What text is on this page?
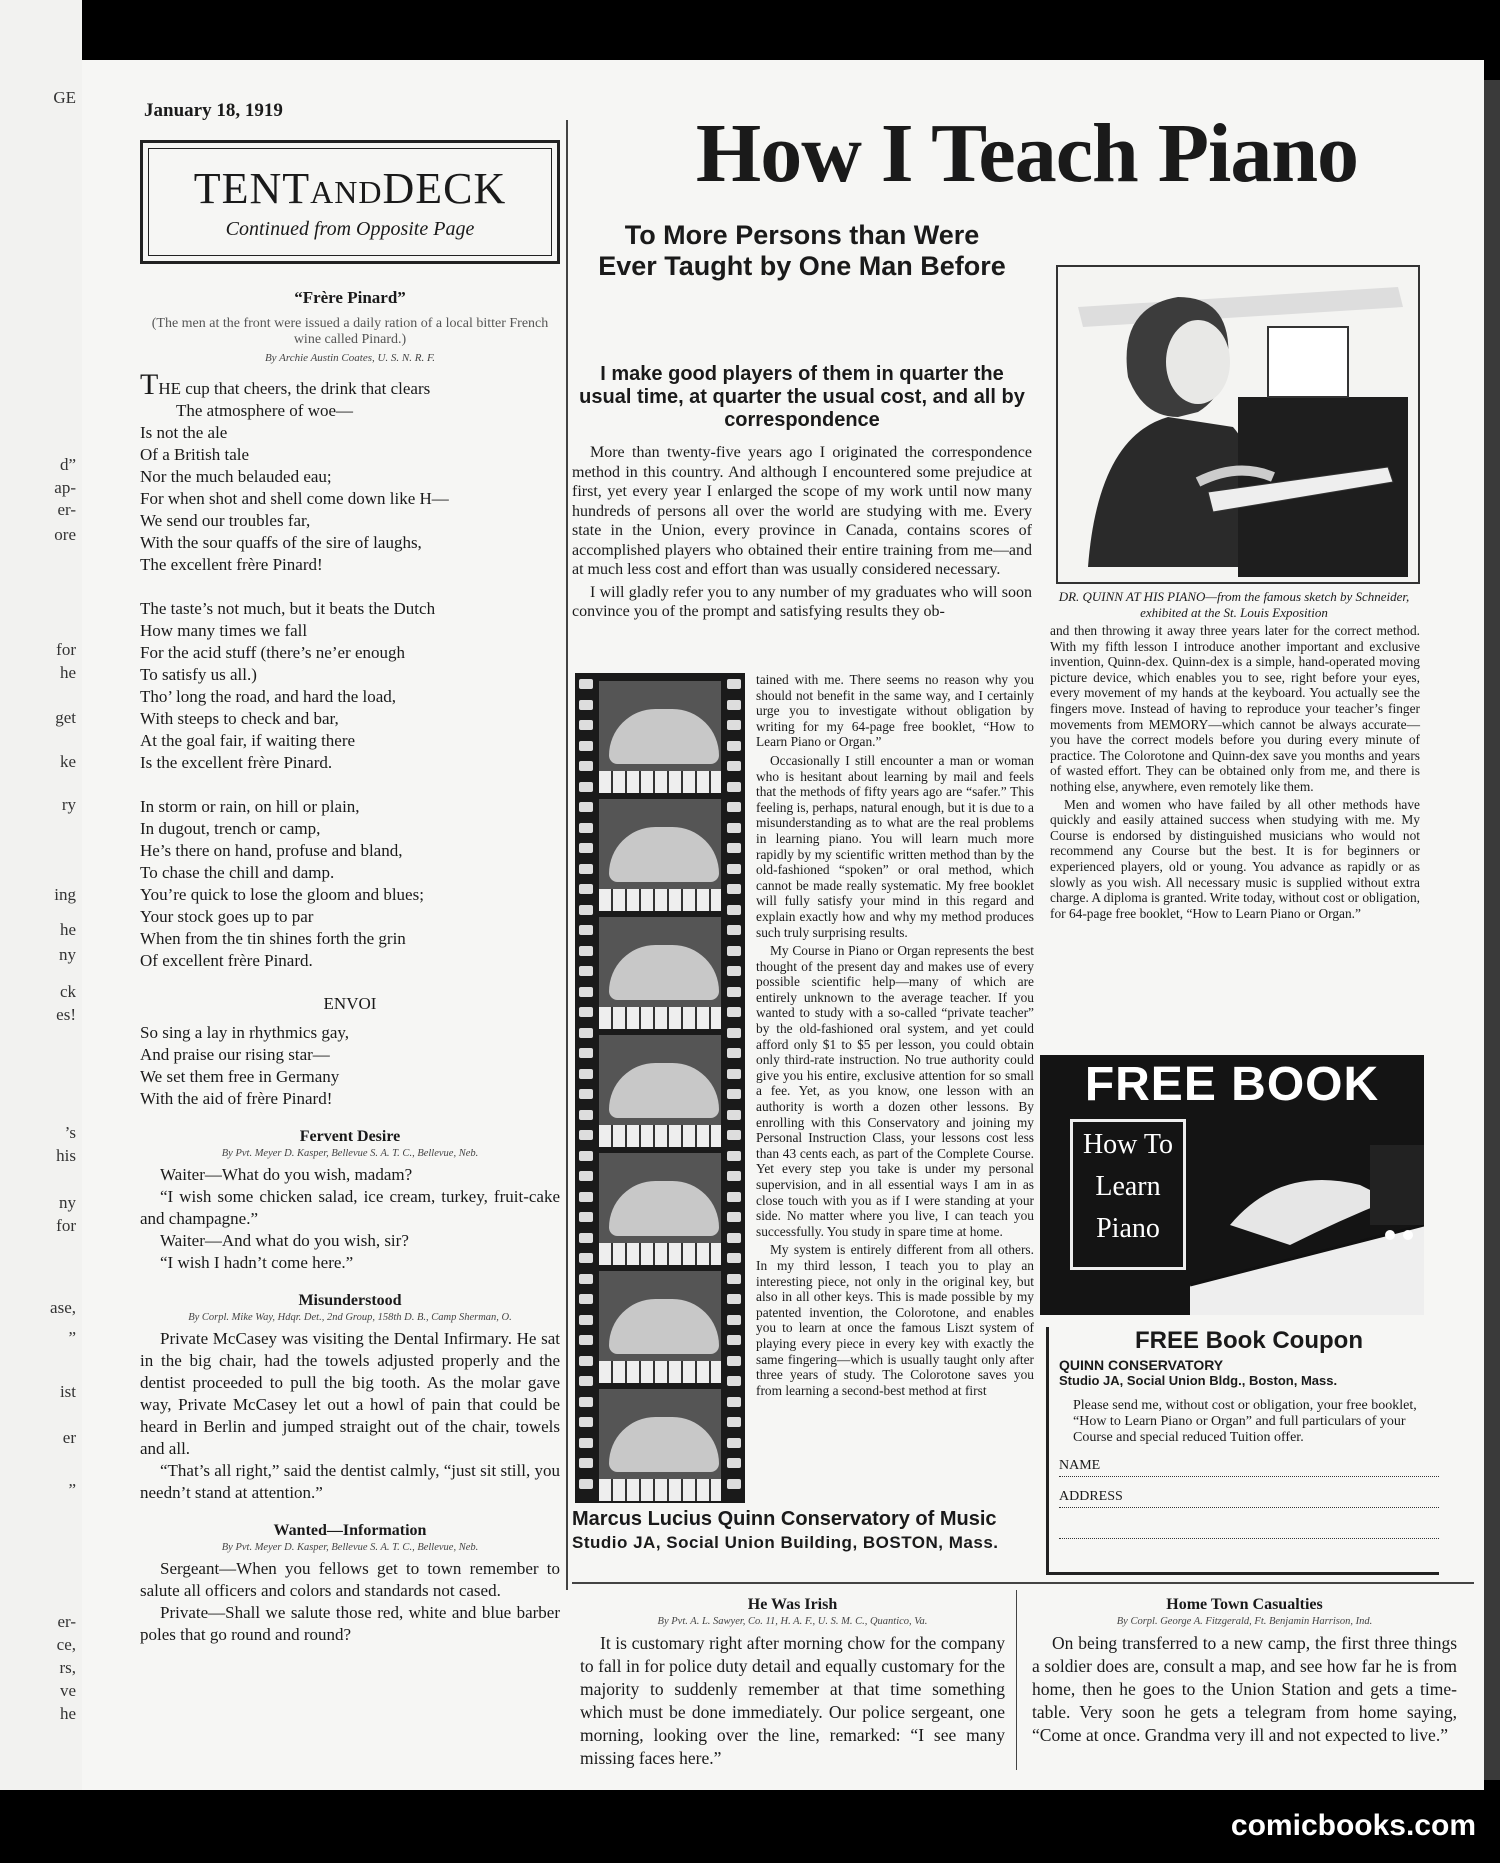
GE
d”
ap-
er-
ore
for
he
get
ke
ry
ing
he
ny
ck
es!
’s
his
ny
for
ase,
”
ist
er
”
er-
ce,
rs,
ve
he
January 18, 1919
TENTANDDECK
Continued from Opposite Page
“Frère Pinard”
(The men at the front were issued a daily ration of a local bitter French wine called Pinard.)
By Archie Austin Coates, U. S. N. R. F.
THE cup that cheers, the drink that clears
The atmosphere of woe—
Is not the ale
Of a British tale
Nor the much belauded eau;
For when shot and shell come down like H—
We send our troubles far,
With the sour quaffs of the sire of laughs,
The excellent frère Pinard!
The taste’s not much, but it beats the Dutch
How many times we fall
For the acid stuff (there’s ne’er enough
To satisfy us all.)
Tho’ long the road, and hard the load,
With steeps to check and bar,
At the goal fair, if waiting there
Is the excellent frère Pinard.
In storm or rain, on hill or plain,
In dugout, trench or camp,
He’s there on hand, profuse and bland,
To chase the chill and damp.
You’re quick to lose the gloom and blues;
Your stock goes up to par
When from the tin shines forth the grin
Of excellent frère Pinard.
ENVOI
So sing a lay in rhythmics gay,
And praise our rising star—
We set them free in Germany
With the aid of frère Pinard!
Fervent Desire
By Pvt. Meyer D. Kasper, Bellevue S. A. T. C., Bellevue, Neb.

Waiter—What do you wish, madam?

“I wish some chicken salad, ice cream, turkey, fruit-cake and champagne.”

Waiter—And what do you wish, sir?

“I wish I hadn’t come here.”

Misunderstood
By Corpl. Mike Way, Hdqr. Det., 2nd Group, 158th D. B., Camp Sherman, O.

Private McCasey was visiting the Dental Infirmary. He sat in the big chair, had the towels adjusted properly and the dentist proceeded to pull the big tooth. As the molar gave way, Private McCasey let out a howl of pain that could be heard in Berlin and jumped straight out of the chair, towels and all.

“That’s all right,” said the dentist calmly, “just sit still, you needn’t stand at attention.”

Wanted—Information
By Pvt. Meyer D. Kasper, Bellevue S. A. T. C., Bellevue, Neb.

Sergeant—When you fellows get to town remember to salute all officers and colors and standards not cased.

Private—Shall we salute those red, white and blue barber poles that go round and round?

How I Teach Piano
To More Persons than Were Ever Taught by One Man Before
I make good players of them in quarter the usual time, at quarter the usual cost, and all by correspondence

More than twenty-five years ago I originated the correspondence method in this country. And although I encountered some prejudice at first, yet every year I enlarged the scope of my work until now many hundreds of persons all over the world are studying with me. Every state in the Union, every province in Canada, contains scores of accomplished players who obtained their entire training from me—and at much less cost and effort than was usually considered necessary.

I will gladly refer you to any number of my graduates who will soon convince you of the prompt and satisfying results they ob-

tained with me. There seems no reason why you should not benefit in the same way, and I certainly urge you to investigate without obligation by writing for my 64-page free booklet, “How to Learn Piano or Organ.”

Occasionally I still encounter a man or woman who is hesitant about learning by mail and feels that the methods of fifty years ago are “safer.” This feeling is, perhaps, natural enough, but it is due to a misunderstanding as to what are the real problems in learning piano. You will learn much more rapidly by my scientific written method than by the old-fashioned “spoken” or oral method, which cannot be made really systematic. My free booklet will fully satisfy your mind in this regard and explain exactly how and why my method produces such truly surprising results.

My Course in Piano or Organ represents the best thought of the present day and makes use of every possible scientific help—many of which are entirely unknown to the average teacher. If you wanted to study with a so-called “private teacher” by the old-fashioned oral system, and yet could afford only $1 to $5 per lesson, you could obtain only third-rate instruction. No true authority could give you his entire, exclusive attention for so small a fee. Yet, as you know, one lesson with an authority is worth a dozen other lessons. By enrolling with this Conservatory and joining my Personal Instruction Class, your lessons cost less than 43 cents each, as part of the Complete Course. Yet every step you take is under my personal supervision, and in all essential ways I am in as close touch with you as if I were standing at your side. No matter where you live, I can teach you successfully. You study in spare time at home.

My system is entirely different from all others. In my third lesson, I teach you to play an interesting piece, not only in the original key, but also in all other keys. This is made possible by my patented invention, the Colorotone, and enables you to learn at once the famous Liszt system of playing every piece in every key with exactly the same fingering—which is usually taught only after three years of study. The Colorotone saves you from learning a second-best method at first

DR. QUINN AT HIS PIANO—from the famous sketch by Schneider, exhibited at the St. Louis Exposition

and then throwing it away three years later for the correct method. With my fifth lesson I introduce another important and exclusive invention, Quinn-dex. Quinn-dex is a simple, hand-operated moving picture device, which enables you to see, right before your eyes, every movement of my hands at the keyboard. You actually see the fingers move. Instead of having to reproduce your teacher’s finger movements from MEMORY—which cannot be always accurate—you have the correct models before you during every minute of practice. The Colorotone and Quinn-dex save you months and years of wasted effort. They can be obtained only from me, and there is nothing else, anywhere, even remotely like them.

Men and women who have failed by all other methods have quickly and easily attained success when studying with me. My Course is endorsed by distinguished musicians who would not recommend any Course but the best. It is for beginners or experienced players, old or young. You advance as rapidly or as slowly as you wish. All necessary music is supplied without extra charge. A diploma is granted. Write today, without cost or obligation, for 64-page free booklet, “How to Learn Piano or Organ.”

FREE BOOK
How To
Learn
Piano
FREE Book Coupon
QUINN CONSERVATORY
Studio JA, Social Union Bldg., Boston, Mass.
Please send me, without cost or obligation, your free booklet, “How to Learn Piano or Organ” and full particulars of your Course and special reduced Tuition offer.
NAME
ADDRESS
Marcus Lucius Quinn Conservatory of Music
Studio JA, Social Union Building, BOSTON, Mass.
He Was Irish
By Pvt. A. L. Sawyer, Co. 11, H. A. F., U. S. M. C., Quantico, Va.

It is customary right after morning chow for the company to fall in for police duty detail and equally customary for the majority to suddenly remember at that time something which must be done immediately. Our police sergeant, one morning, looking over the line, remarked: “I see many missing faces here.”

Home Town Casualties
By Corpl. George A. Fitzgerald, Ft. Benjamin Harrison, Ind.

On being transferred to a new camp, the first three things a soldier does are, consult a map, and see how far he is from home, then he goes to the Union Station and gets a time-table. Very soon he gets a telegram from home saying, “Come at once. Grandma very ill and not expected to live.”

comicbooks.com
